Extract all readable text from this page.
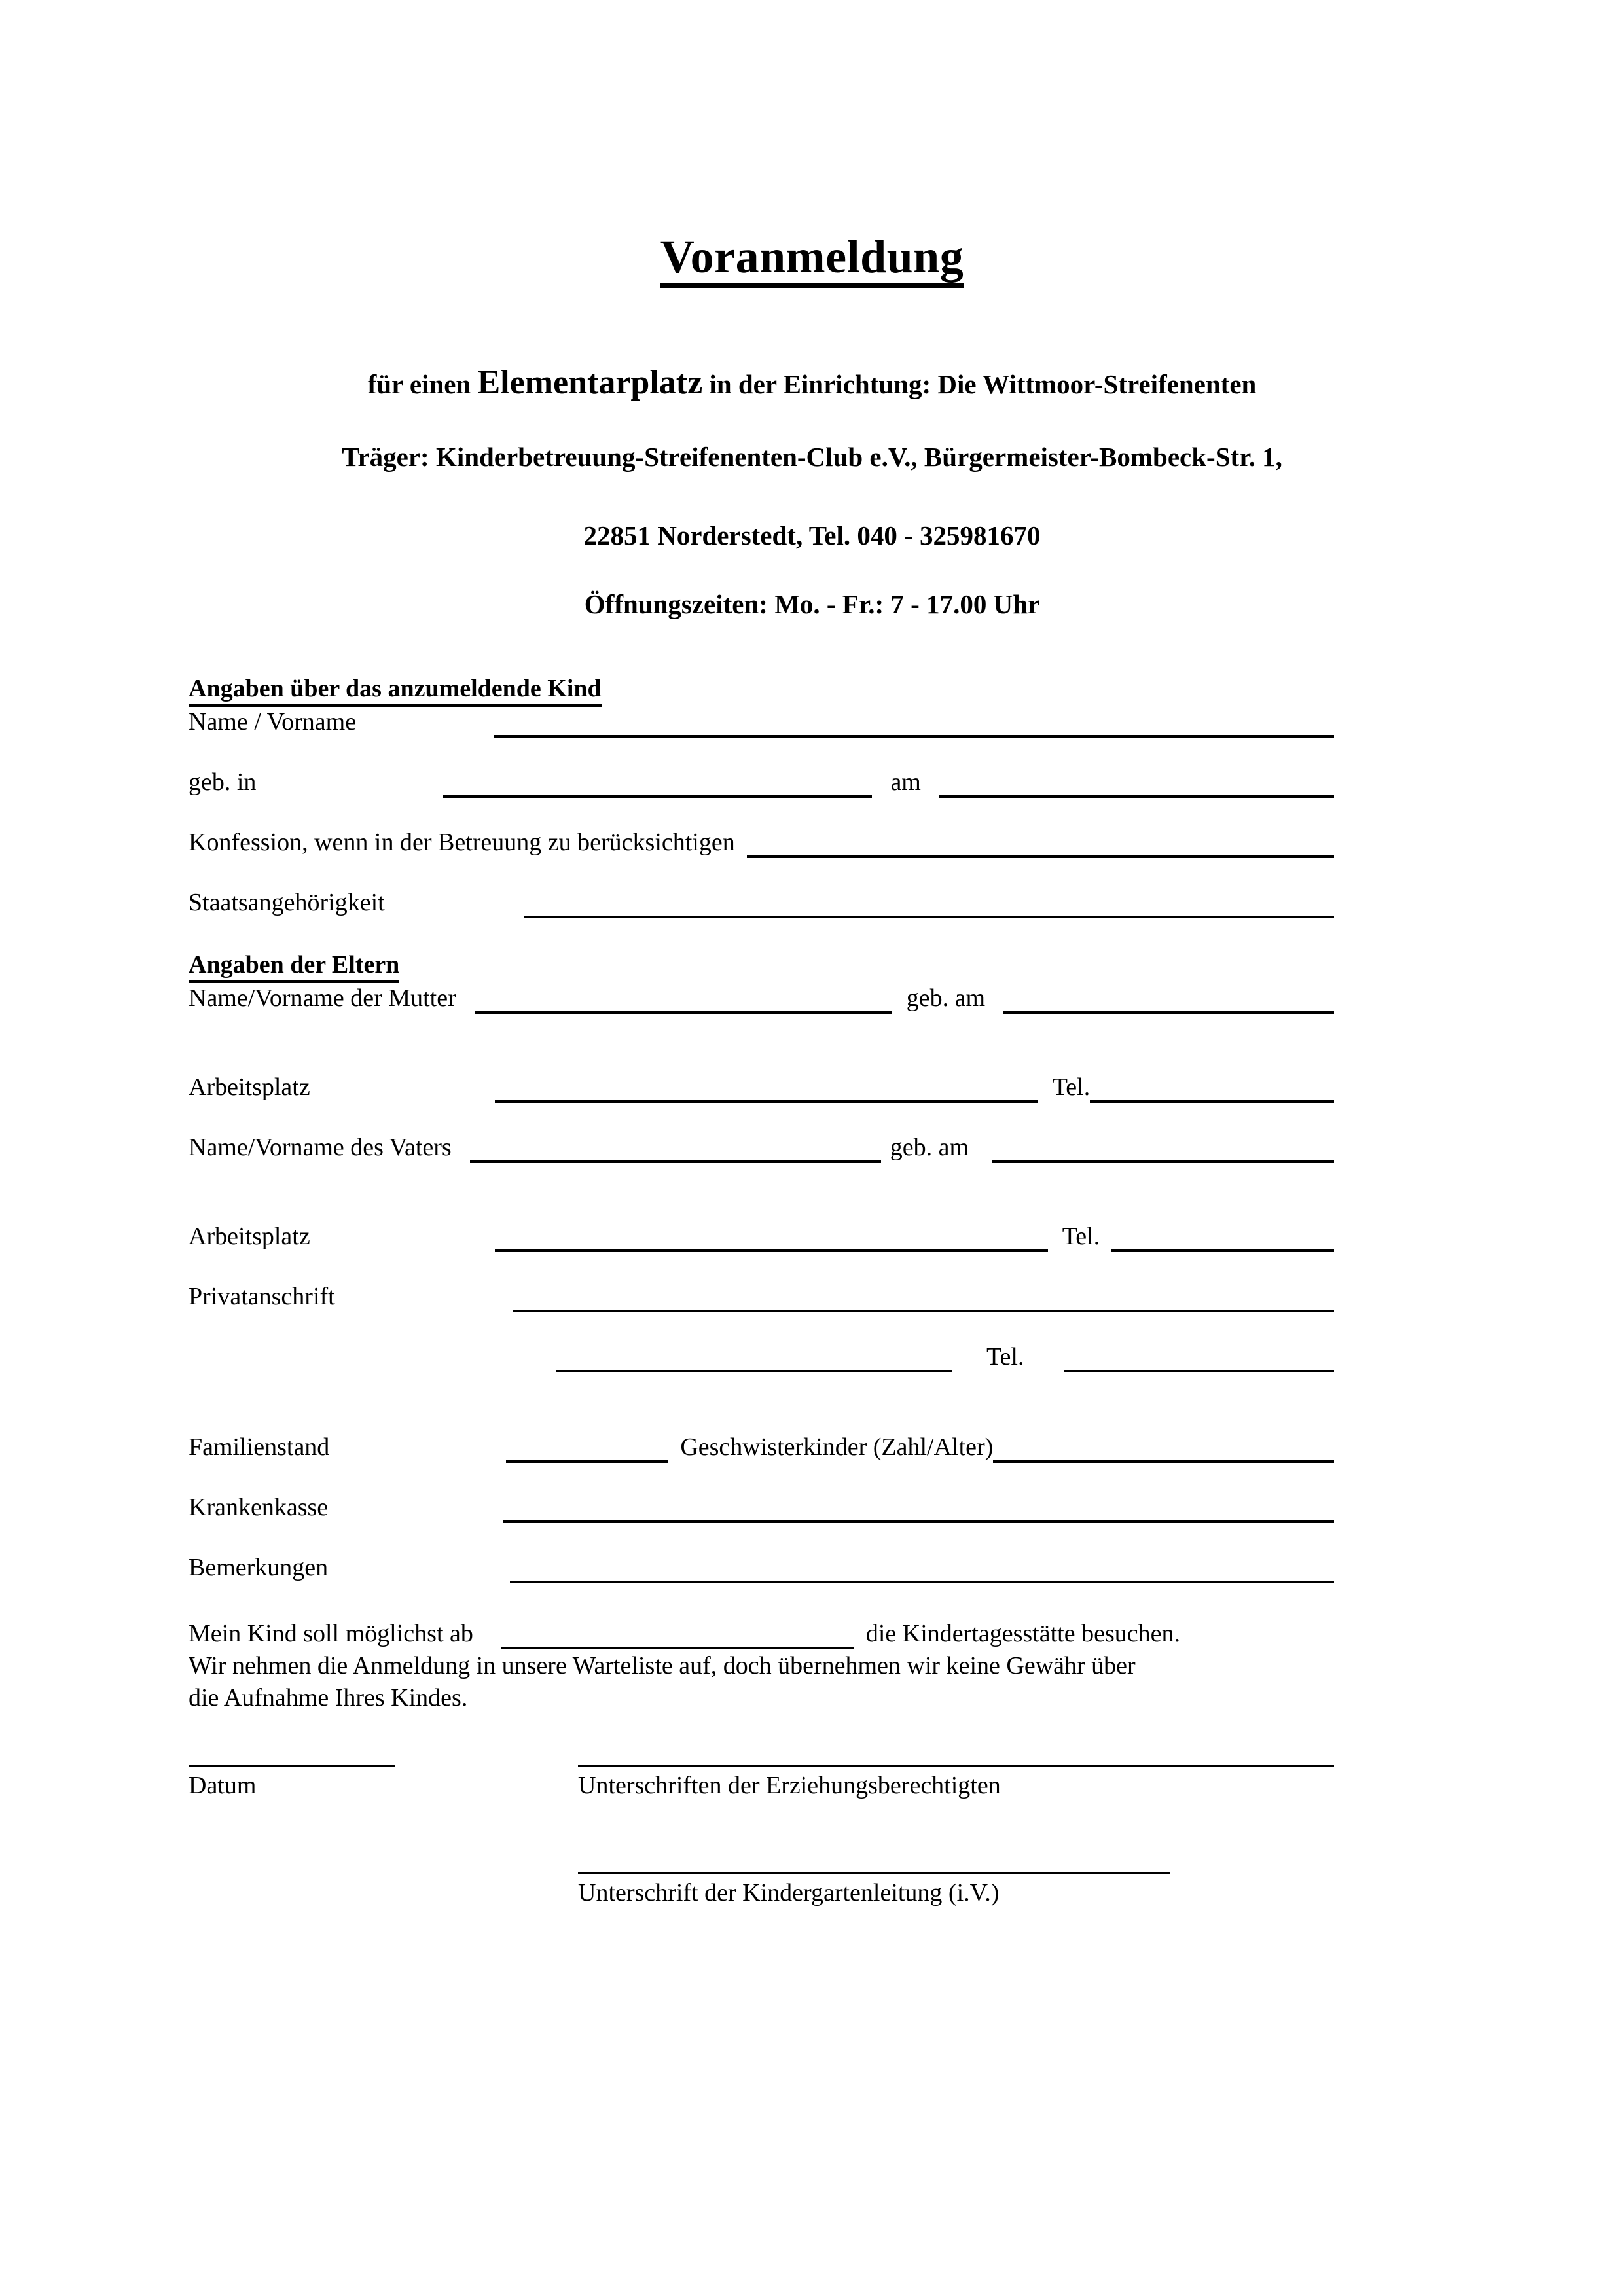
Voranmeldung
für einen Elementarplatz in der Einrichtung: Die Wittmoor-Streifenenten
Träger: Kinderbetreuung-Streifenenten-Club e.V., Bürgermeister-Bombeck-Str. 1,
22851 Norderstedt, Tel. 040 - 325981670
Öffnungszeiten: Mo. - Fr.: 7 - 17.00 Uhr
Angaben über das anzumeldende Kind
Name / Vorname
geb. in	am
Konfession, wenn in der Betreuung zu berücksichtigen
Staatsangehörigkeit
Angaben der Eltern
Name/Vorname der Mutter	geb. am
Arbeitsplatz	Tel.
Name/Vorname des Vaters	geb. am
Arbeitsplatz	Tel.
Privatanschrift
Tel.
Familienstand	Geschwisterkinder (Zahl/Alter)
Krankenkasse
Bemerkungen
Mein Kind soll möglichst ab	die Kindertagesstätte besuchen.
Wir nehmen die Anmeldung in unsere Warteliste auf, doch übernehmen wir keine Gewähr über
die Aufnahme Ihres Kindes.
Datum	Unterschriften der Erziehungsberechtigten
Unterschrift der Kindergartenleitung (i.V.)
